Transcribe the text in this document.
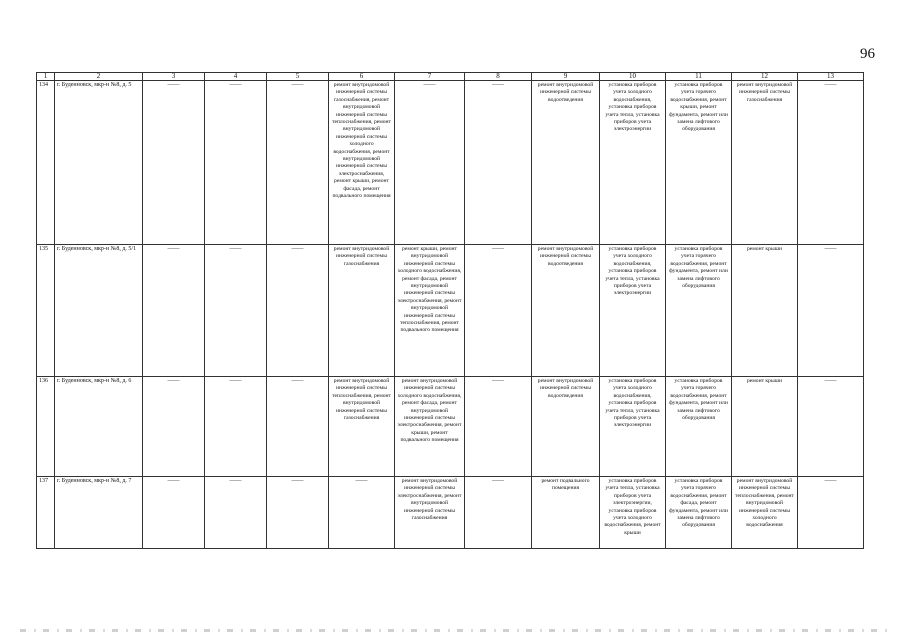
96
1	2	3	4	5	6	7	8	9	10	11	12	13
134	г. Буденновск, мкр-н №8, д. 5	——	——	——	ремонт внутридомовой инженерной системы газоснабжения, ремонт внутридомовой инженерной системы теплоснабжения, ремонт внутридомовой инженерной системы холодного водоснабжения, ремонт внутридомовой инженерной системы электроснабжения, ремонт крыши, ремонт фасада, ремонт подвального помещения	——	——	ремонт внутридомовой инженерной системы водоотведения	установка приборов учета холодного водоснабжения, установка приборов учета тепла, установка приборов учета электроэнергии	установка приборов учета горячего водоснабжения, ремонт крыши, ремонт фундамента, ремонт или замена лифтового оборудования	ремонт внутридомовой инженерной системы газоснабжения	——
135	г. Буденновск, мкр-н №8, д. 5/1	——	——	——	ремонт внутридомовой инженерной системы газоснабжения	ремонт крыши, ремонт внутридомовой инженерной системы холодного водоснабжения, ремонт фасада, ремонт внутридомовой инженерной системы электроснабжения, ремонт внутридомовой инженерной системы теплоснабжения, ремонт подвального помещения	——	ремонт внутридомовой инженерной системы водоотведения	установка приборов учета холодного водоснабжения, установка приборов учета тепла, установка приборов учета электроэнергии	установка приборов учета горячего водоснабжения, ремонт фундамента, ремонт или замена лифтового оборудования	ремонт крыши	——
136	г. Буденновск, мкр-н №8, д. 6	——	——	——	ремонт внутридомовой инженерной системы теплоснабжения, ремонт внутридомовой инженерной системы газоснабжения	ремонт внутридомовой инженерной системы холодного водоснабжения, ремонт фасада, ремонт внутридомовой инженерной системы электроснабжения, ремонт крыши, ремонт подвального помещения	——	ремонт внутридомовой инженерной системы водоотведения	установка приборов учета холодного водоснабжения, установка приборов учета тепла, установка приборов учета электроэнергии	установка приборов учета горячего водоснабжения, ремонт фундамента, ремонт или замена лифтового оборудования	ремонт крыши	——
137	г. Буденновск, мкр-н №8, д. 7	——	——	——	——	ремонт внутридомовой инженерной системы электроснабжения, ремонт внутридомовой инженерной системы газоснабжения	——	ремонт подвального помещения	установка приборов учета тепла, установка приборов учета электроэнергии, установка приборов учета холодного водоснабжения, ремонт крыши	установка приборов учета горячего водоснабжения, ремонт фасада, ремонт фундамента, ремонт или замена лифтового оборудования	ремонт внутридомовой инженерной системы теплоснабжения, ремонт внутридомовой инженерной системы холодного водоснабжения	——
